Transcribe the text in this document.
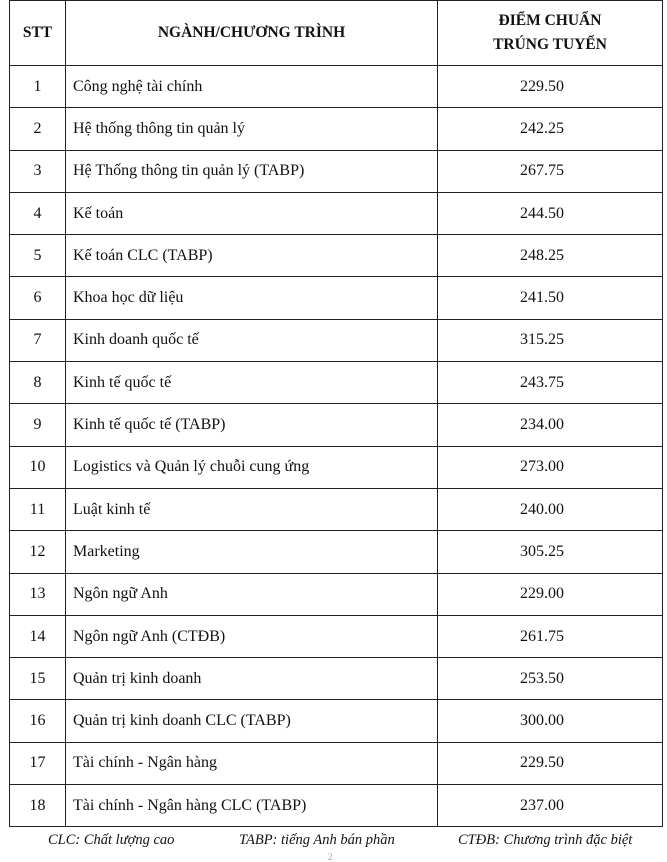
STT	NGÀNH/CHƯƠNG TRÌNH	ĐIỂM CHUẨN
TRÚNG TUYỂN

1	Công nghệ tài chính	229.50
2	Hệ thống thông tin quản lý	242.25
3	Hệ Thống thông tin quản lý (TABP)	267.75
4	Kế toán	244.50
5	Kế toán CLC (TABP)	248.25
6	Khoa học dữ liệu	241.50
7	Kinh doanh quốc tế	315.25
8	Kinh tế quốc tế	243.75
9	Kinh tế quốc tế (TABP)	234.00
10	Logistics và Quản lý chuỗi cung ứng	273.00
11	Luật kinh tế	240.00
12	Marketing	305.25
13	Ngôn ngữ Anh	229.00
14	Ngôn ngữ Anh (CTĐB)	261.75
15	Quản trị kinh doanh	253.50
16	Quản trị kinh doanh CLC (TABP)	300.00
17	Tài chính - Ngân hàng	229.50
18	Tài chính - Ngân hàng CLC (TABP)	237.00
CLC: Chất lượng cao	TABP: tiếng Anh bán phần	CTĐB: Chương trình đặc biệt
2
